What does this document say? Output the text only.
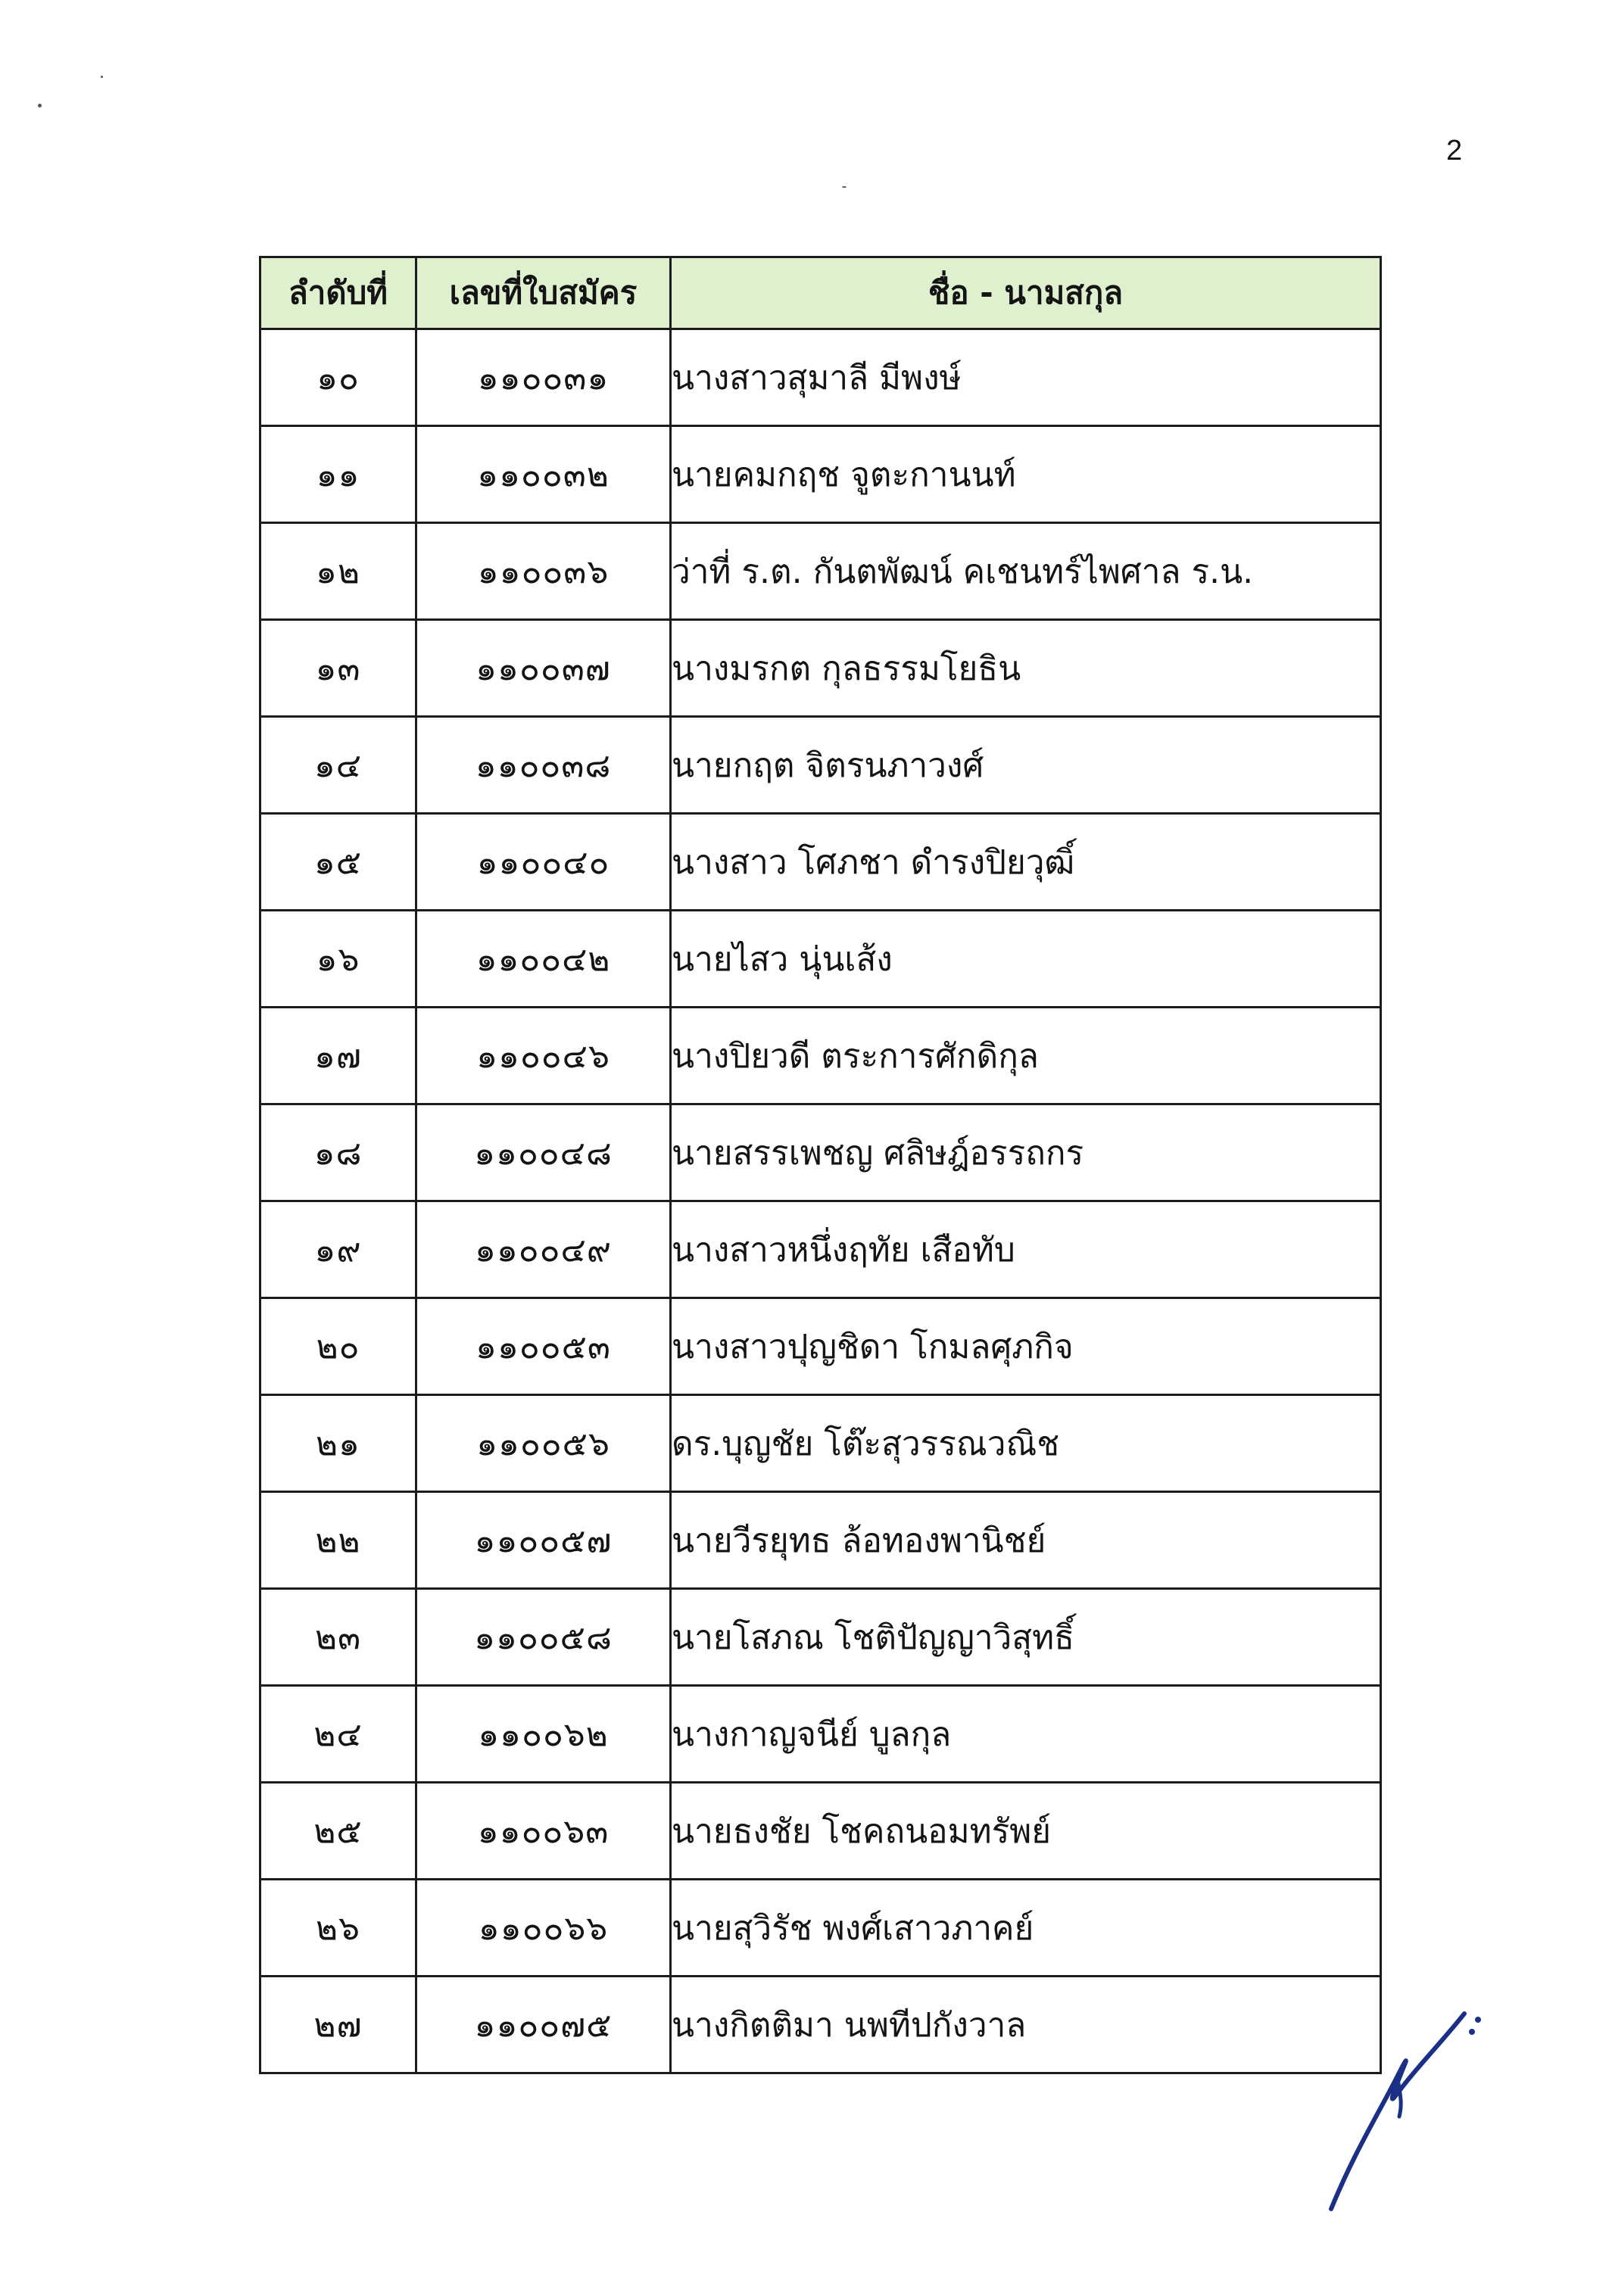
2
ลำดับที่	เลขที่ใบสมัคร	ชื่อ - นามสกุล
๑๐	๑๑๐๐๓๑	นางสาวสุมาลี มีพงษ์
๑๑	๑๑๐๐๓๒	นายคมกฤช จูตะกานนท์
๑๒	๑๑๐๐๓๖	ว่าที่ ร.ต. กันตพัฒน์ คเชนทร์ไพศาล ร.น.
๑๓	๑๑๐๐๓๗	นางมรกต กุลธรรมโยธิน
๑๔	๑๑๐๐๓๘	นายกฤต จิตรนภาวงศ์
๑๕	๑๑๐๐๔๐	นางสาว โศภชา ดำรงปิยวุฒิ์
๑๖	๑๑๐๐๔๒	นายไสว นุ่นเส้ง
๑๗	๑๑๐๐๔๖	นางปิยวดี ตระการศักดิกุล
๑๘	๑๑๐๐๔๘	นายสรรเพชญ ศลิษฎ์อรรถกร
๑๙	๑๑๐๐๔๙	นางสาวหนึ่งฤทัย เสือทับ
๒๐	๑๑๐๐๕๓	นางสาวปุญชิดา โกมลศุภกิจ
๒๑	๑๑๐๐๕๖	ดร.บุญชัย โต๊ะสุวรรณวณิช
๒๒	๑๑๐๐๕๗	นายวีรยุทธ ล้อทองพานิชย์
๒๓	๑๑๐๐๕๘	นายโสภณ โชติปัญญาวิสุทธิ์
๒๔	๑๑๐๐๖๒	นางกาญจนีย์ บูลกุล
๒๕	๑๑๐๐๖๓	นายธงชัย โชคถนอมทรัพย์
๒๖	๑๑๐๐๖๖	นายสุวิรัช พงศ์เสาวภาคย์
๒๗	๑๑๐๐๗๕	นางกิตติมา นพทีปกังวาล
